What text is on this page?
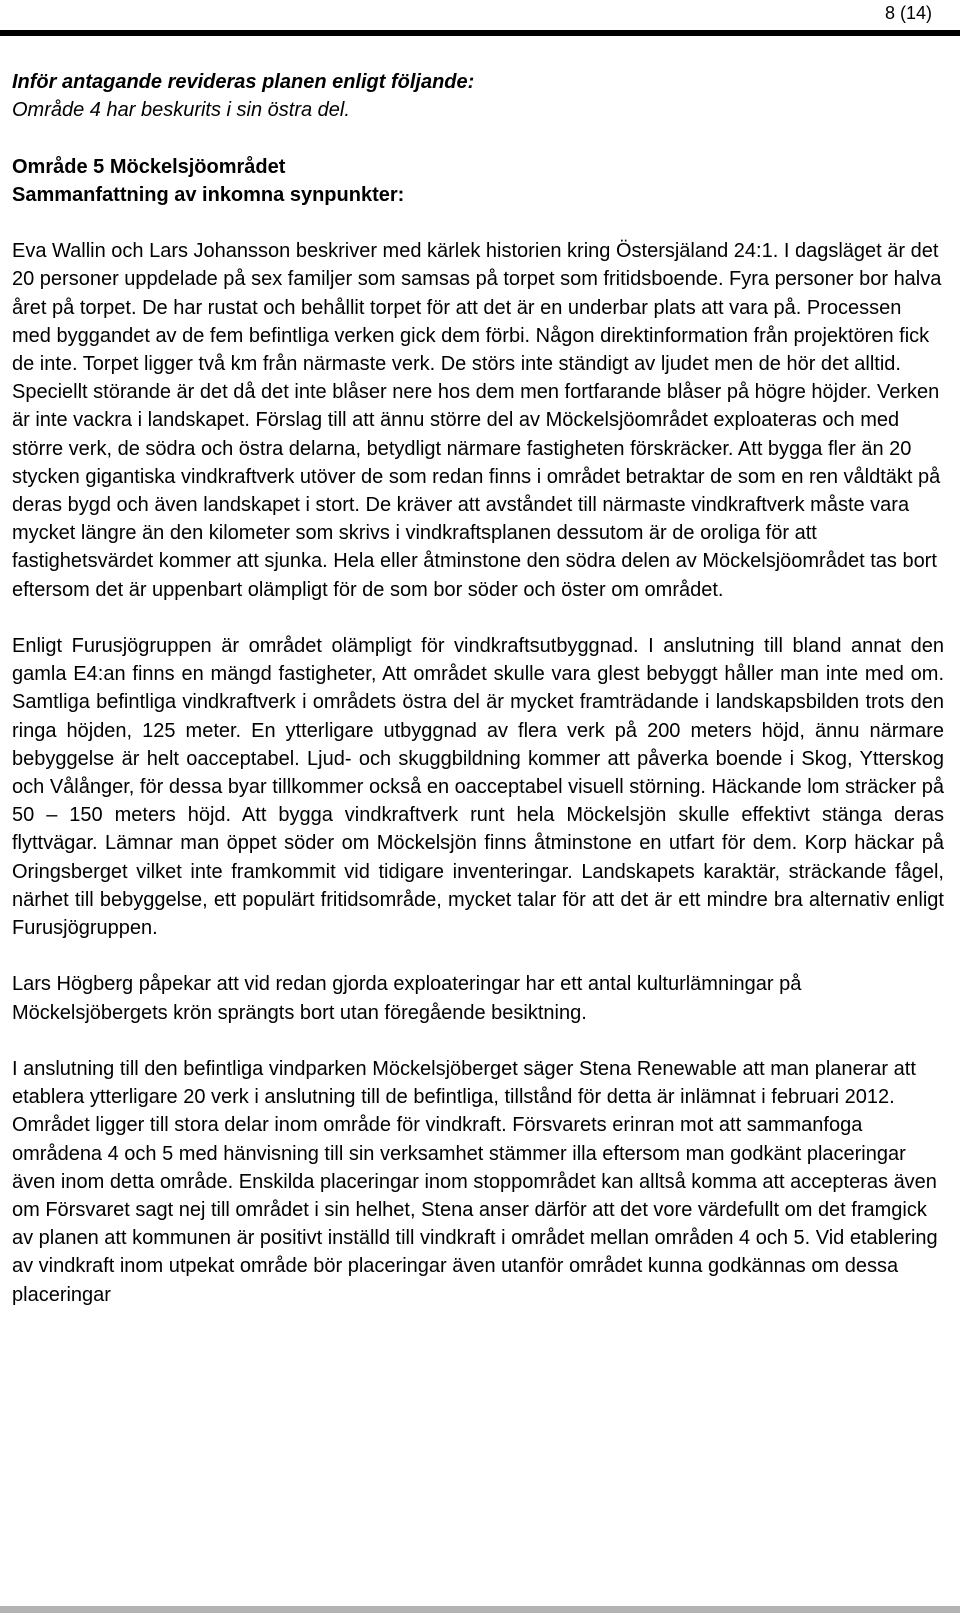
8 (14)

Inför antagande revideras planen enligt följande:

Område 4 har beskurits i sin östra del.

Område 5 Möckelsjöområdet

Sammanfattning av inkomna synpunkter:

Eva Wallin och Lars Johansson beskriver med kärlek historien kring Östersjäland 24:1. I dagsläget är det 20 personer uppdelade på sex familjer som samsas på torpet som fritidsboende. Fyra personer bor halva året på torpet. De har rustat och behållit torpet för att det är en underbar plats att vara på. Processen med byggandet av de fem befintliga verken gick dem förbi. Någon direktinformation från projektören fick de inte. Torpet ligger två km från närmaste verk. De störs inte ständigt av ljudet men de hör det alltid. Speciellt störande är det då det inte blåser nere hos dem men fortfarande blåser på högre höjder. Verken är inte vackra i landskapet. Förslag till att ännu större del av Möckelsjöområdet exploateras och med större verk, de södra och östra delarna, betydligt närmare fastigheten förskräcker. Att bygga fler än 20 stycken gigantiska vindkraftverk utöver de som redan finns i området betraktar de som en ren våldtäkt på deras bygd och även landskapet i stort. De kräver att avståndet till närmaste vindkraftverk måste vara mycket längre än den kilometer som skrivs i vindkraftsplanen dessutom är de oroliga för att fastighetsvärdet kommer att sjunka. Hela eller åtminstone den södra delen av Möckelsjöområdet tas bort eftersom det är uppenbart olämpligt för de som bor söder och öster om området.

Enligt Furusjögruppen är området olämpligt för vindkraftsutbyggnad. I anslutning till bland annat den gamla E4:an finns en mängd fastigheter, Att området skulle vara glest bebyggt håller man inte med om. Samtliga befintliga vindkraftverk i områdets östra del är mycket framträdande i landskapsbilden trots den ringa höjden, 125 meter. En ytterligare utbyggnad av flera verk på 200 meters höjd, ännu närmare bebyggelse är helt oacceptabel. Ljud- och skuggbildning kommer att påverka boende i Skog, Ytterskog och Vålånger, för dessa byar tillkommer också en oacceptabel visuell störning. Häckande lom sträcker på 50 – 150 meters höjd. Att bygga vindkraftverk runt hela Möckelsjön skulle effektivt stänga deras flyttvägar. Lämnar man öppet söder om Möckelsjön finns åtminstone en utfart för dem. Korp häckar på Oringsberget vilket inte framkommit vid tidigare inventeringar. Landskapets karaktär, sträckande fågel, närhet till bebyggelse, ett populärt fritidsområde, mycket talar för att det är ett mindre bra alternativ enligt Furusjögruppen.

Lars Högberg påpekar att vid redan gjorda exploateringar har ett antal kulturlämningar på Möckelsjöbergets krön sprängts bort utan föregående besiktning.

I anslutning till den befintliga vindparken Möckelsjöberget säger Stena Renewable att man planerar att etablera ytterligare 20 verk i anslutning till de befintliga, tillstånd för detta är inlämnat i februari 2012. Området ligger till stora delar inom område för vindkraft. Försvarets erinran mot att sammanfoga områdena 4 och 5 med hänvisning till sin verksamhet stämmer illa eftersom man godkänt placeringar även inom detta område. Enskilda placeringar inom stoppområdet kan alltså komma att accepteras även om Försvaret sagt nej till området i sin helhet, Stena anser därför att det vore värdefullt om det framgick av planen att kommunen är positivt inställd till vindkraft i området mellan områden 4 och 5. Vid etablering av vindkraft inom utpekat område bör placeringar även utanför området kunna godkännas om dessa placeringar
